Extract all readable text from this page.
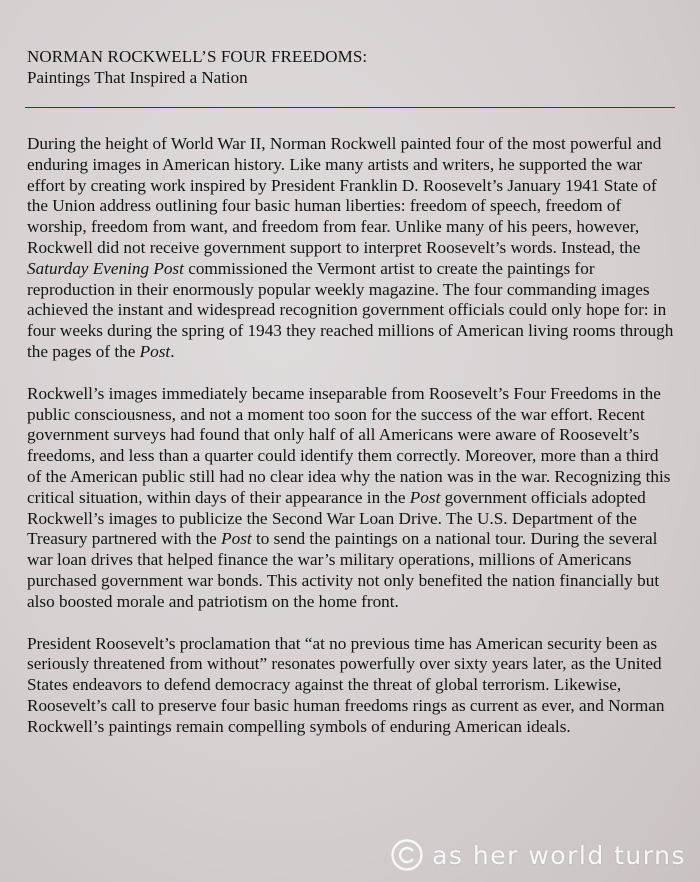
NORMAN ROCKWELL’S FOUR FREEDOMS:
Paintings That Inspired a Nation

During the height of World War II, Norman Rockwell painted four of the most powerful and enduring images in American history. Like many artists and writers, he supported the war effort by creating work inspired by President Franklin D. Roosevelt’s January 1941 State of the Union address outlining four basic human liberties: freedom of speech, freedom of worship, freedom from want, and freedom from fear. Unlike many of his peers, however, Rockwell did not receive government support to interpret Roosevelt’s words. Instead, the Saturday Evening Post commissioned the Vermont artist to create the paintings for reproduction in their enormously popular weekly magazine. The four commanding images achieved the instant and widespread recognition government officials could only hope for: in four weeks during the spring of 1943 they reached millions of American living rooms through the pages of the Post.

Rockwell’s images immediately became inseparable from Roosevelt’s Four Freedoms in the public consciousness, and not a moment too soon for the success of the war effort. Recent government surveys had found that only half of all Americans were aware of Roosevelt’s freedoms, and less than a quarter could identify them correctly. Moreover, more than a third of the American public still had no clear idea why the nation was in the war. Recognizing this critical situation, within days of their appearance in the Post government officials adopted Rockwell’s images to publicize the Second War Loan Drive. The U.S. Department of the Treasury partnered with the Post to send the paintings on a national tour. During the several war loan drives that helped finance the war’s military operations, millions of Americans purchased government war bonds. This activity not only benefited the nation financially but also boosted morale and patriotism on the home front.

President Roosevelt’s proclamation that “at no previous time has American security been as seriously threatened from without” resonates powerfully over sixty years later, as the United States endeavors to defend democracy against the threat of global terrorism. Likewise, Roosevelt’s call to preserve four basic human freedoms rings as current as ever, and Norman Rockwell’s paintings remain compelling symbols of enduring American ideals.

as her world turns
